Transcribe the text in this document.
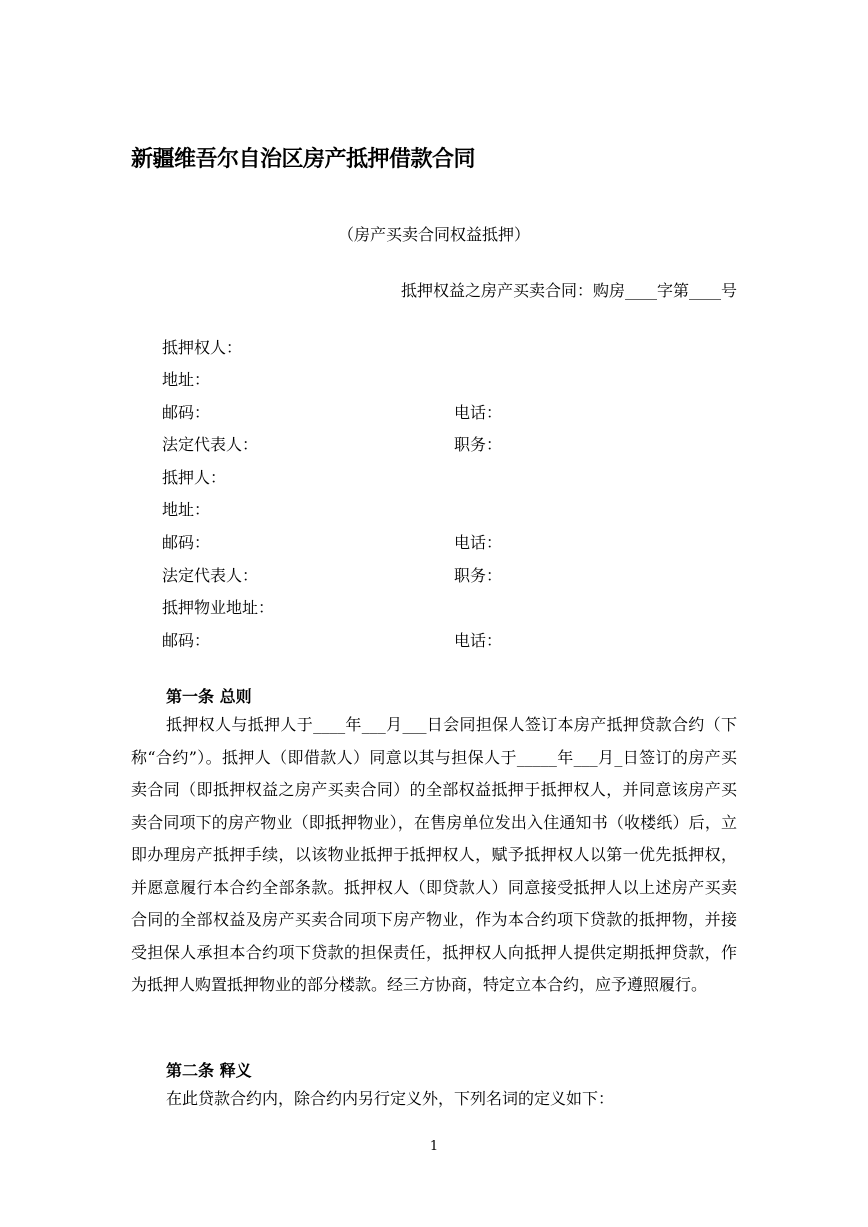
新疆维吾尔自治区房产抵押借款合同
（房产买卖合同权益抵押）
抵押权益之房产买卖合同：购房____字第____号
抵押权人：
地址：
邮码：	电话：
法定代表人：	职务：
抵押人：
地址：
邮码：	电话：
法定代表人：	职务：
抵押物业地址：
邮码：	电话：
第一条 总则

抵押权人与抵押人于____年___月___日会同担保人签订本房产抵押贷款合约（下称“合约”）。抵押人（即借款人）同意以其与担保人于_____年___月_日签订的房产买卖合同（即抵押权益之房产买卖合同）的全部权益抵押于抵押权人，并同意该房产买卖合同项下的房产物业（即抵押物业），在售房单位发出入住通知书（收楼纸）后，立即办理房产抵押手续，以该物业抵押于抵押权人，赋予抵押权人以第一优先抵押权，并愿意履行本合约全部条款。抵押权人（即贷款人）同意接受抵押人以上述房产买卖合同的全部权益及房产买卖合同项下房产物业，作为本合约项下贷款的抵押物，并接受担保人承担本合约项下贷款的担保责任，抵押权人向抵押人提供定期抵押贷款，作为抵押人购置抵押物业的部分楼款。经三方协商，特定立本合约，应予遵照履行。

第二条 释义

在此贷款合约内，除合约内另行定义外，下列名词的定义如下：

1
